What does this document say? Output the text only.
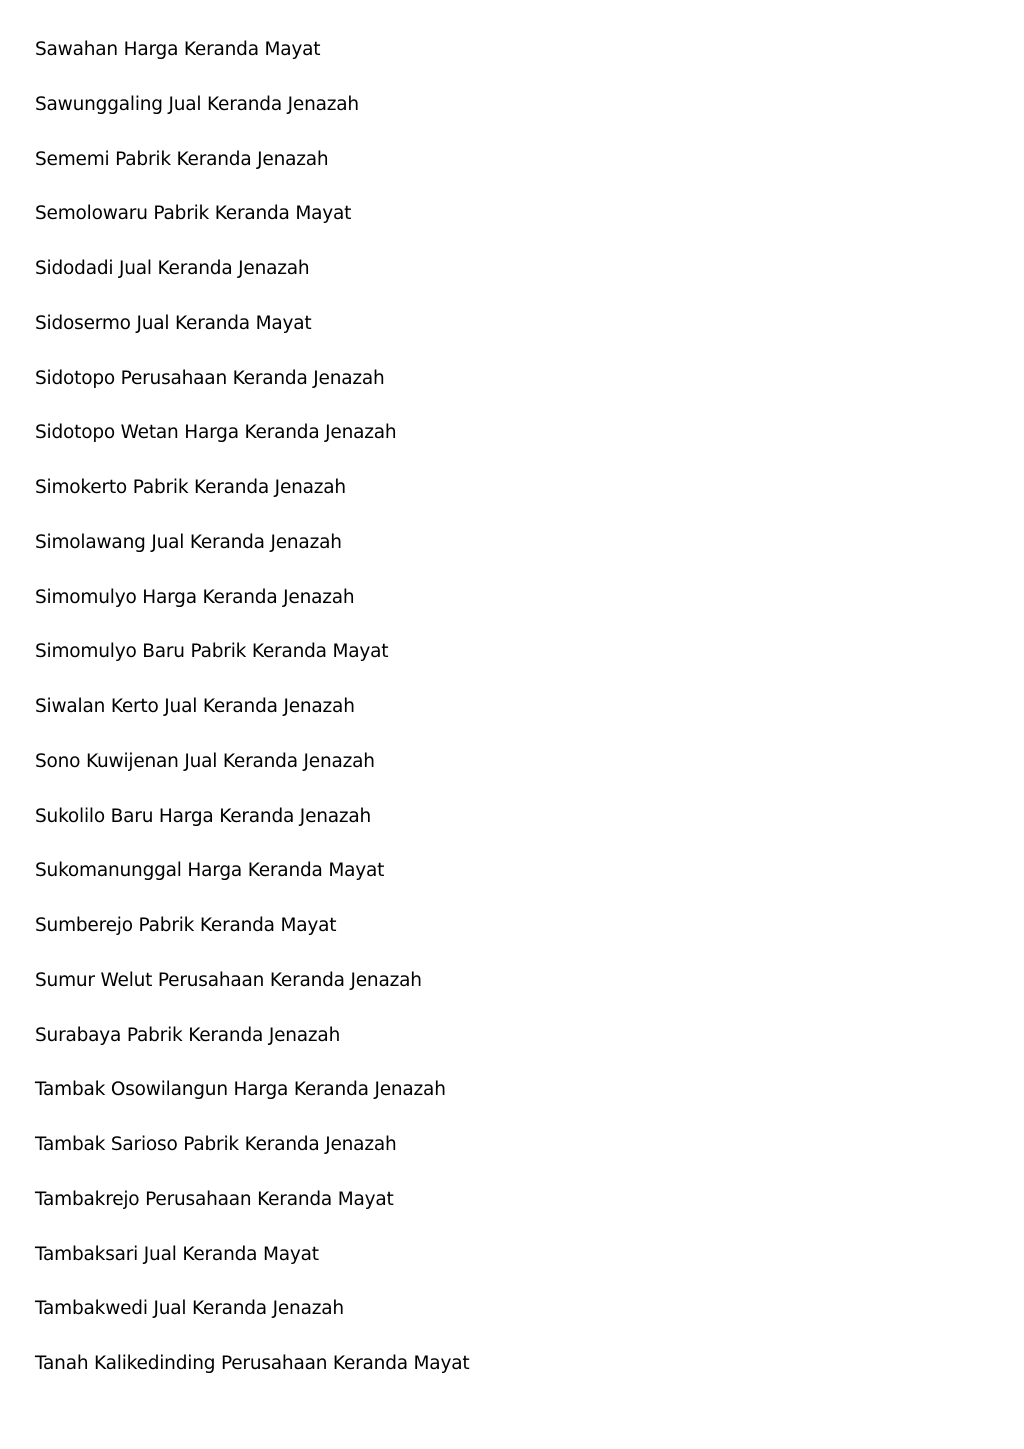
Sawahan Harga Keranda Mayat
Sawunggaling Jual Keranda Jenazah
Sememi Pabrik Keranda Jenazah
Semolowaru Pabrik Keranda Mayat
Sidodadi Jual Keranda Jenazah
Sidosermo Jual Keranda Mayat
Sidotopo Perusahaan Keranda Jenazah
Sidotopo Wetan Harga Keranda Jenazah
Simokerto Pabrik Keranda Jenazah
Simolawang Jual Keranda Jenazah
Simomulyo Harga Keranda Jenazah
Simomulyo Baru Pabrik Keranda Mayat
Siwalan Kerto Jual Keranda Jenazah
Sono Kuwijenan Jual Keranda Jenazah
Sukolilo Baru Harga Keranda Jenazah
Sukomanunggal Harga Keranda Mayat
Sumberejo Pabrik Keranda Mayat
Sumur Welut Perusahaan Keranda Jenazah
Surabaya Pabrik Keranda Jenazah
Tambak Osowilangun Harga Keranda Jenazah
Tambak Sarioso Pabrik Keranda Jenazah
Tambakrejo Perusahaan Keranda Mayat
Tambaksari Jual Keranda Mayat
Tambakwedi Jual Keranda Jenazah
Tanah Kalikedinding Perusahaan Keranda Mayat
